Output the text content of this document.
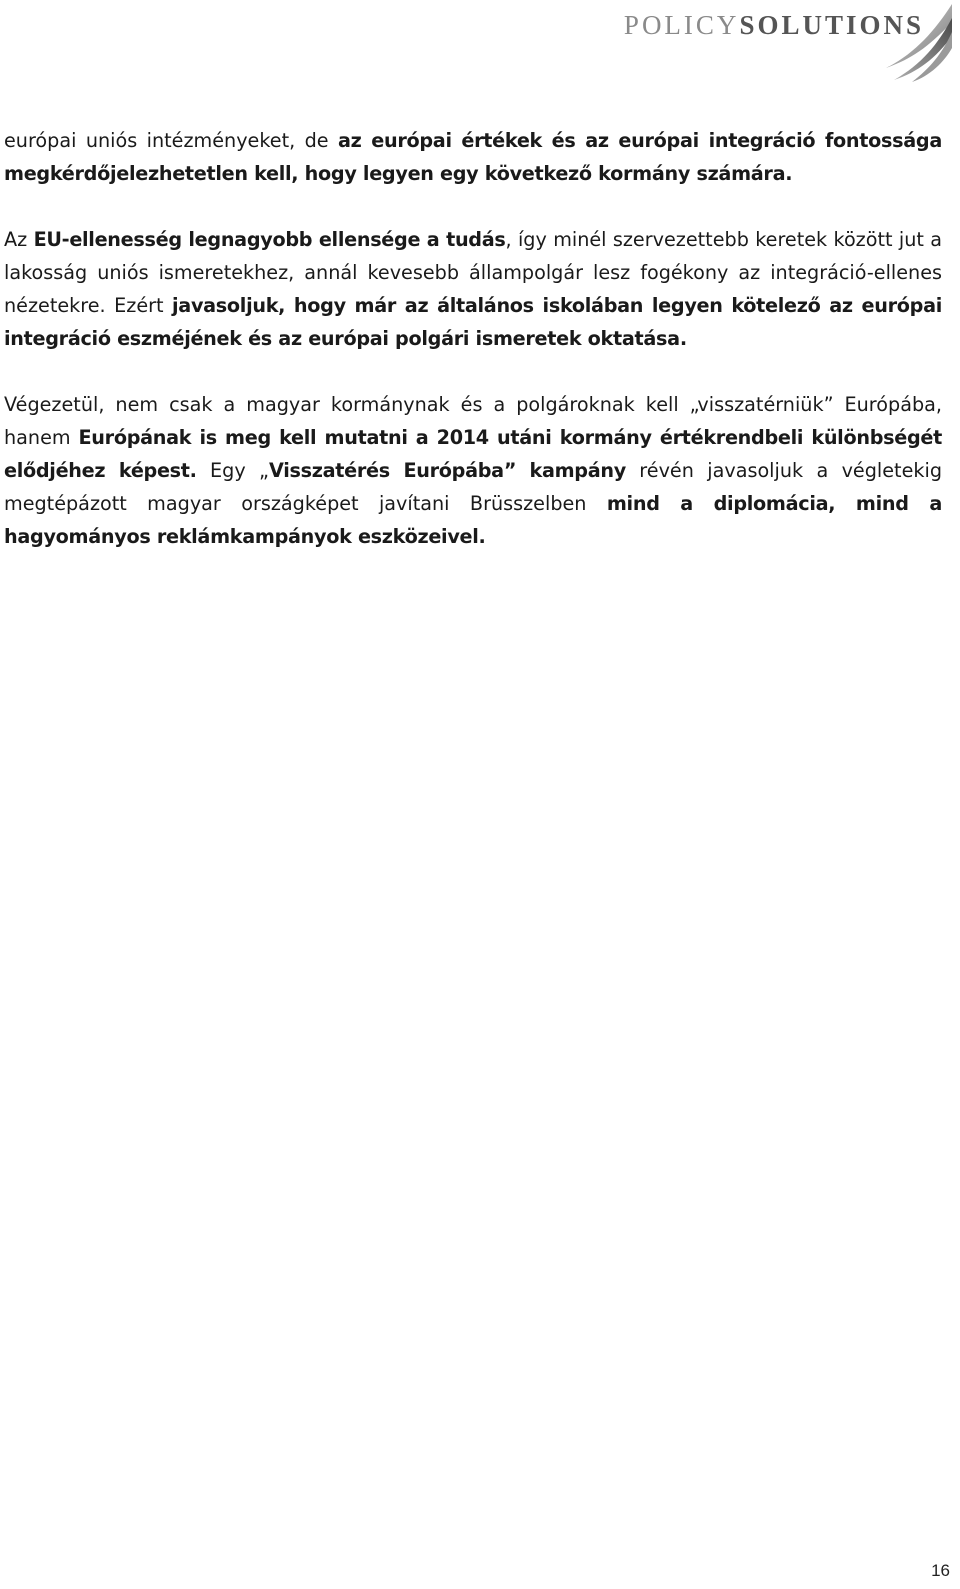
POLICYSOLUTIONS

európai uniós intézményeket, de az európai értékek és az európai integráció fontossága megkérdőjelezhetetlen kell, hogy legyen egy következő kormány számára.

Az EU-ellenesség legnagyobb ellensége a tudás, így minél szervezettebb keretek között jut a lakosság uniós ismeretekhez, annál kevesebb állampolgár lesz fogékony az integráció-ellenes nézetekre. Ezért javasoljuk, hogy már az általános iskolában legyen kötelező az európai integráció eszméjének és az európai polgári ismeretek oktatása.

Végezetül, nem csak a magyar kormánynak és a polgároknak kell „visszatérniük” Európába, hanem Európának is meg kell mutatni a 2014 utáni kormány értékrendbeli különbségét elődjéhez képest. Egy „Visszatérés Európába” kampány révén javasoljuk a végletekig megtépázott magyar országképet javítani Brüsszelben mind a diplomácia, mind a hagyományos reklámkampányok eszközeivel.

16
